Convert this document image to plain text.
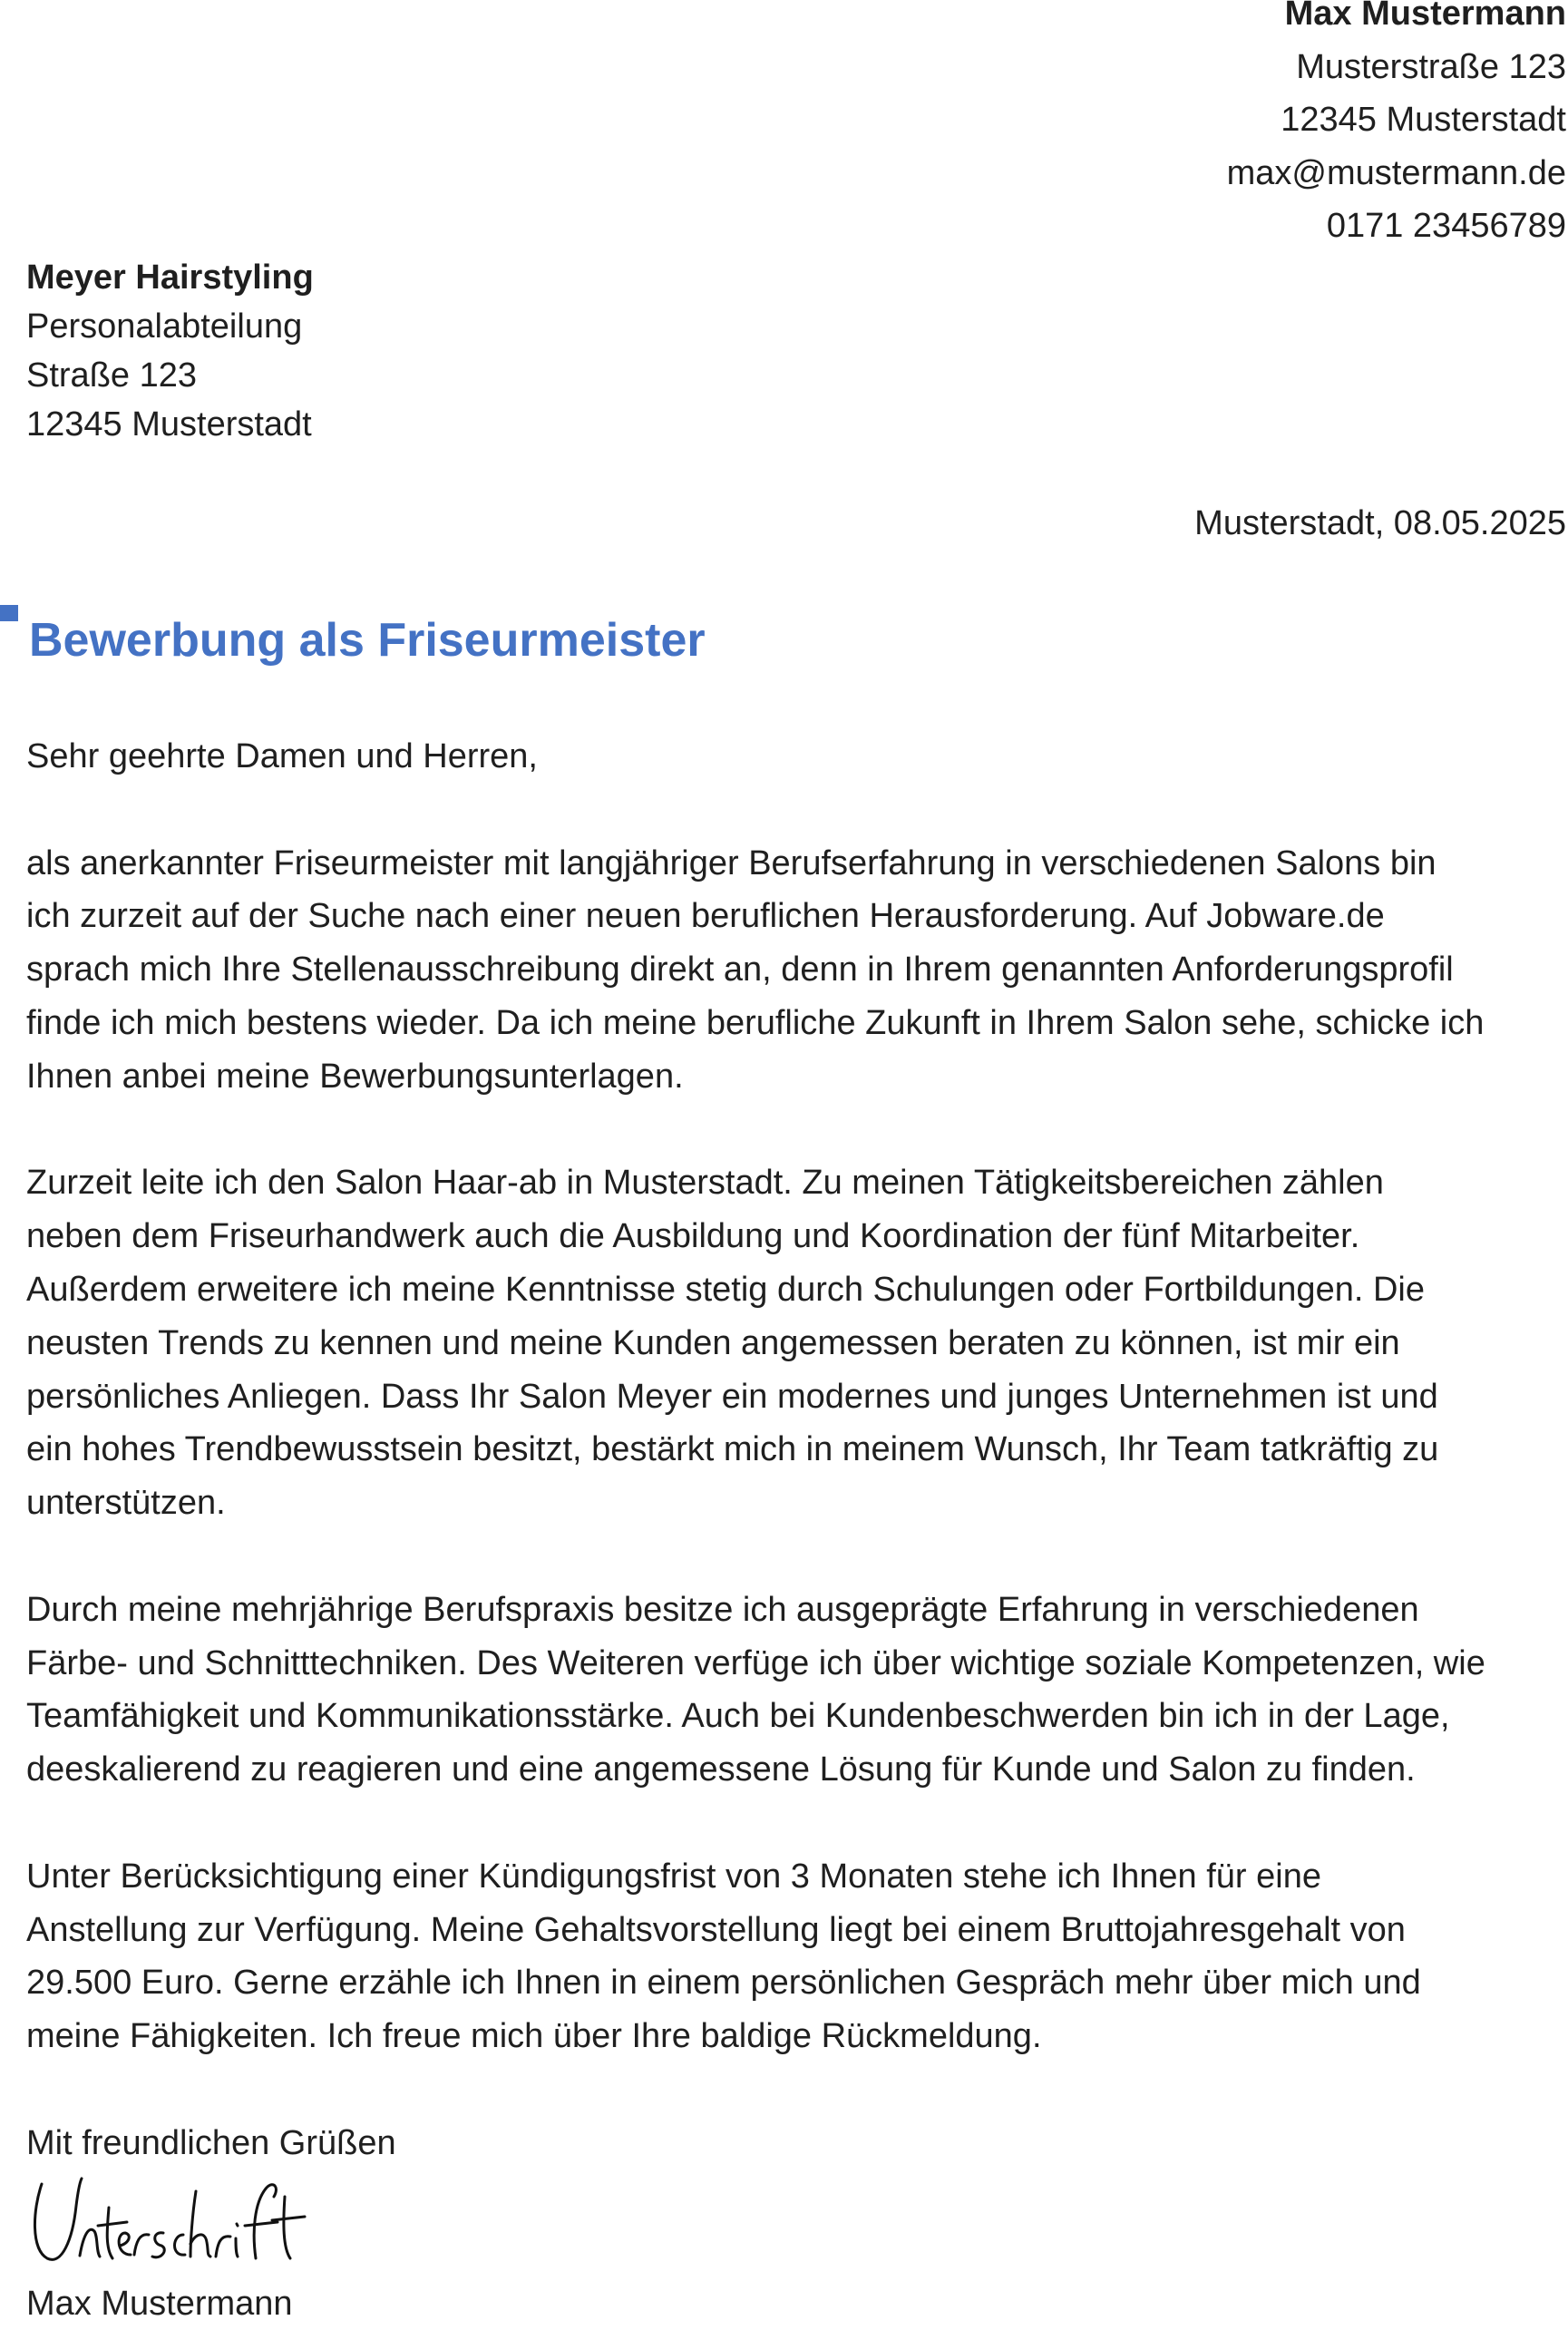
Max Mustermann
Musterstraße 123
12345 Musterstadt
max@mustermann.de
0171 23456789
Meyer Hairstyling
Personalabteilung
Straße 123
12345 Musterstadt
Musterstadt, 08.05.2025
Bewerbung als Friseurmeister

Sehr geehrte Damen und Herren,

als anerkannter Friseurmeister mit langjähriger Berufserfahrung in verschiedenen Salons bin
ich zurzeit auf der Suche nach einer neuen beruflichen Herausforderung. Auf Jobware.de
sprach mich Ihre Stellenausschreibung direkt an, denn in Ihrem genannten Anforderungsprofil
finde ich mich bestens wieder. Da ich meine berufliche Zukunft in Ihrem Salon sehe, schicke ich
Ihnen anbei meine Bewerbungsunterlagen.

Zurzeit leite ich den Salon Haar-ab in Musterstadt. Zu meinen Tätigkeitsbereichen zählen
neben dem Friseurhandwerk auch die Ausbildung und Koordination der fünf Mitarbeiter.
Außerdem erweitere ich meine Kenntnisse stetig durch Schulungen oder Fortbildungen. Die
neusten Trends zu kennen und meine Kunden angemessen beraten zu können, ist mir ein
persönliches Anliegen. Dass Ihr Salon Meyer ein modernes und junges Unternehmen ist und
ein hohes Trendbewusstsein besitzt, bestärkt mich in meinem Wunsch, Ihr Team tatkräftig zu
unterstützen.

Durch meine mehrjährige Berufspraxis besitze ich ausgeprägte Erfahrung in verschiedenen
Färbe- und Schnitttechniken. Des Weiteren verfüge ich über wichtige soziale Kompetenzen, wie
Teamfähigkeit und Kommunikationsstärke. Auch bei Kundenbeschwerden bin ich in der Lage,
deeskalierend zu reagieren und eine angemessene Lösung für Kunde und Salon zu finden.

Unter Berücksichtigung einer Kündigungsfrist von 3 Monaten stehe ich Ihnen für eine
Anstellung zur Verfügung. Meine Gehaltsvorstellung liegt bei einem Bruttojahresgehalt von
29.500 Euro. Gerne erzähle ich Ihnen in einem persönlichen Gespräch mehr über mich und
meine Fähigkeiten. Ich freue mich über Ihre baldige Rückmeldung.

Mit freundlichen Grüßen

Max Mustermann
